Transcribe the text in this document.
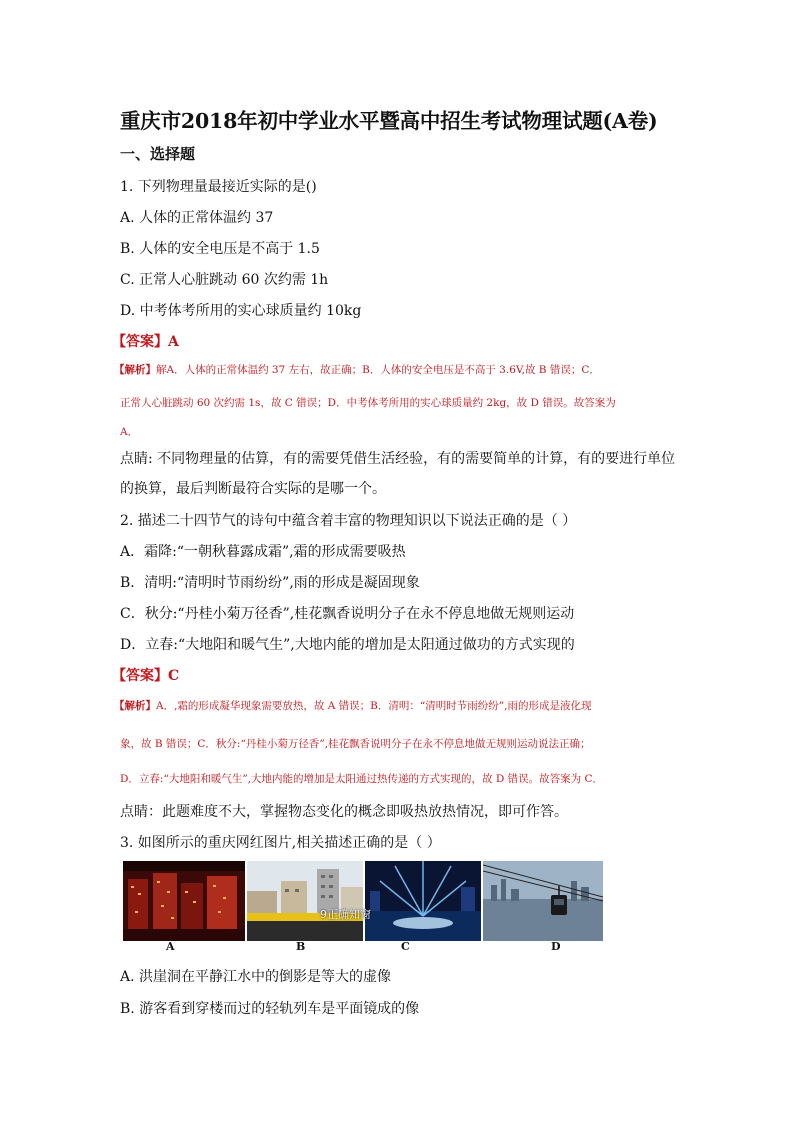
重庆市2018年初中学业水平暨高中招生考试物理试题(A卷)
一、选择题
1. 下列物理量最接近实际的是()
A. 人体的正常体温约 37
B. 人体的安全电压是不高于 1.5
C. 正常人心脏跳动 60 次约需 1h
D. 中考体考所用的实心球质量约 10kg
【答案】A
【解析】解A．人体的正常体温约 37 左右，故正确；B．人体的安全电压是不高于 3.6V,故 B 错误；C．
正常人心脏跳动 60 次约需 1s，故 C 错误；D．中考体考所用的实心球质量约 2kg，故 D 错误。故答案为
A．
点睛: 不同物理量的估算，有的需要凭借生活经验，有的需要简单的计算，有的要进行单位
的换算，最后判断最符合实际的是哪一个。
2. 描述二十四节气的诗句中蕴含着丰富的物理知识以下说法正确的是（ ）
A．霜降:“一朝秋暮露成霜”,霜的形成需要吸热
B．清明:“清明时节雨纷纷”,雨的形成是凝固现象
C．秋分:“丹桂小菊万径香”,桂花飘香说明分子在永不停息地做无规则运动
D．立春:“大地阳和暖气生”,大地内能的增加是太阳通过做功的方式实现的
【答案】C
【解析】A．,霜的形成凝华现象需要放热，故 A 错误；B．清明：“清明时节雨纷纷”,雨的形成是液化现
象，故 B 错误；C．秋分:“丹桂小菊万径香”,桂花飘香说明分子在永不停息地做无规则运动说法正确；
D．立春:“大地阳和暖气生”,大地内能的增加是太阳通过热传递的方式实现的，故 D 错误。故答案为 C．
点睛：此题难度不大，掌握物态变化的概念即吸热放热情况，即可作答。
3. 如图所示的重庆网红图片,相关描述正确的是（ ）
9正确知窗
A	B	C	D
A. 洪崖洞在平静江水中的倒影是等大的虚像
B. 游客看到穿楼而过的轻轨列车是平面镜成的像
